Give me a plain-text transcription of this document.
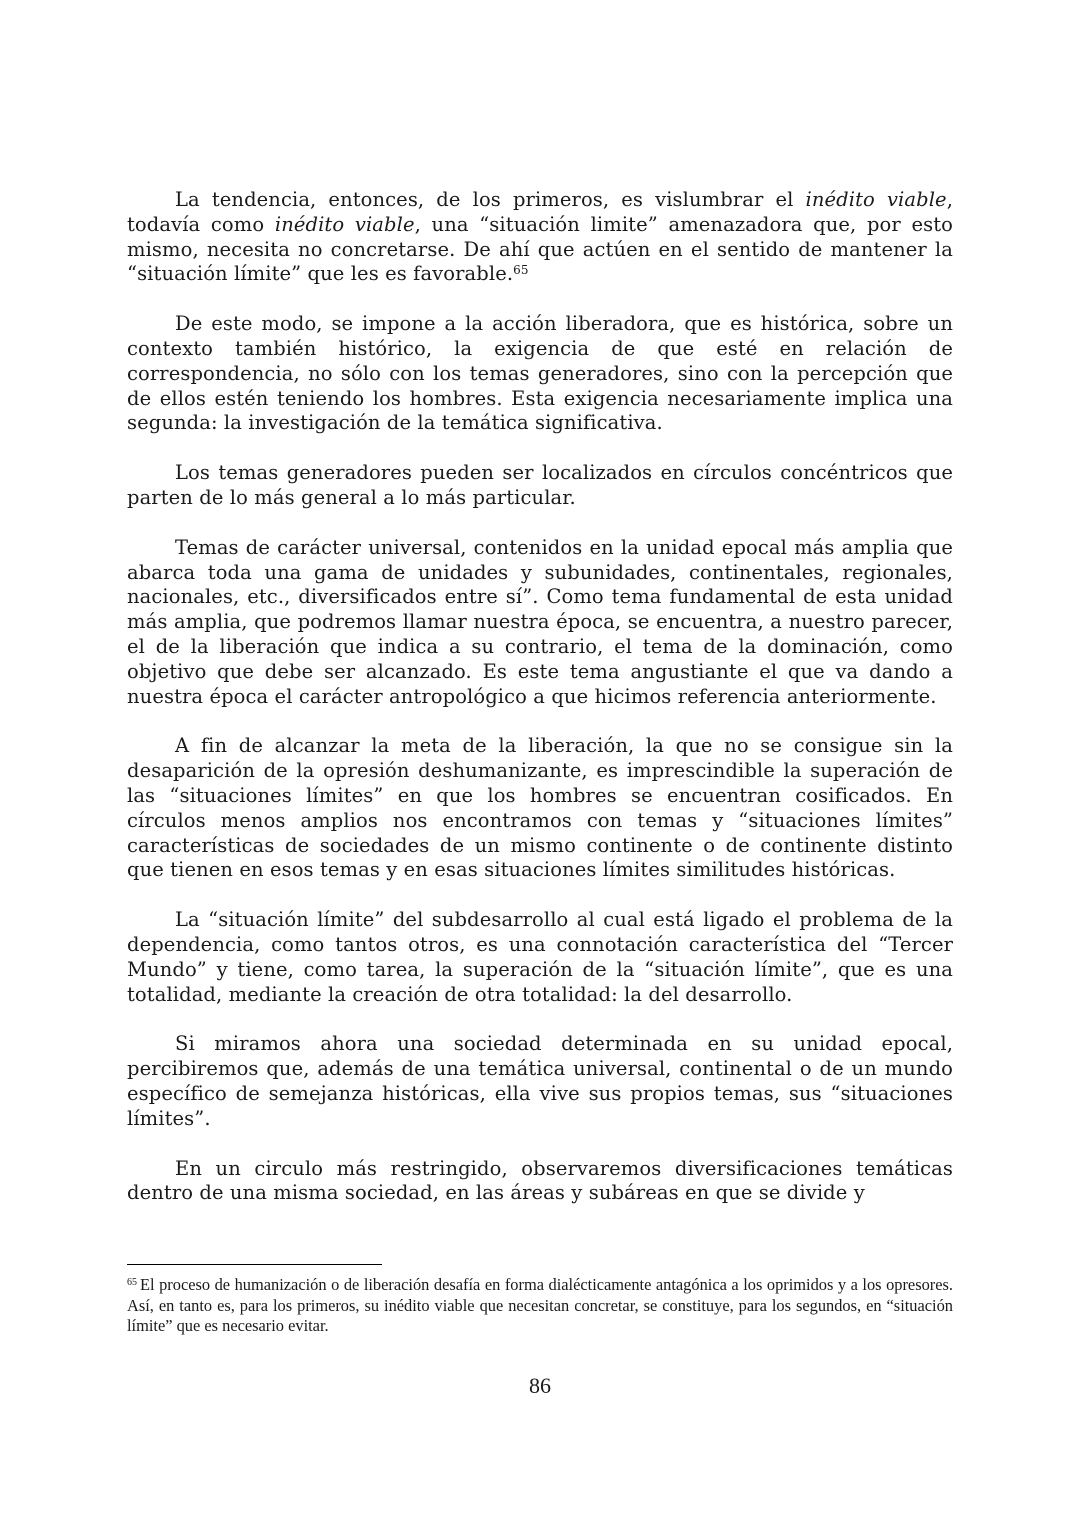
La tendencia, entonces, de los primeros, es vislumbrar el inédito viable, todavía como inédito viable, una “situación limite” amenazadora que, por esto mismo, necesita no concretarse. De ahí que actúen en el sentido de mantener la “situación límite” que les es favorable.$^{65}$

De este modo, se impone a la acción liberadora, que es histórica, sobre un contexto también histórico, la exigencia de que esté en relación de correspondencia, no sólo con los temas generadores, sino con la percepción que de ellos estén teniendo los hombres. Esta exigencia necesariamente implica una segunda: la investigación de la temática significativa.

Los temas generadores pueden ser localizados en círculos concéntricos que parten de lo más general a lo más particular.

Temas de carácter universal, contenidos en la unidad epocal más amplia que abarca toda una gama de unidades y subunidades, continentales, regionales, nacionales, etc., diversificados entre sí”. Como tema fundamental de esta unidad más amplia, que podremos llamar nuestra época, se encuentra, a nuestro parecer, el de la liberación que indica a su contrario, el tema de la dominación, como objetivo que debe ser alcanzado. Es este tema angustiante el que va dando a nuestra época el carácter antropológico a que hicimos referencia anteriormente.

A fin de alcanzar la meta de la liberación, la que no se consigue sin la desaparición de la opresión deshumanizante, es imprescindible la superación de las “situaciones límites” en que los hombres se encuentran cosificados. En círculos menos amplios nos encontramos con temas y “situaciones límites” características de sociedades de un mismo continente o de continente distinto que tienen en esos temas y en esas situaciones límites similitudes históricas.

La “situación límite” del subdesarrollo al cual está ligado el problema de la dependencia, como tantos otros, es una connotación característica del “Tercer Mundo” y tiene, como tarea, la superación de la “situación límite”, que es una totalidad, mediante la creación de otra totalidad: la del desarrollo.

Si miramos ahora una sociedad determinada en su unidad epocal, percibiremos que, además de una temática universal, continental o de un mundo específico de semejanza históricas, ella vive sus propios temas, sus “situaciones límites”.

En un circulo más restringido, observaremos diversificaciones temáticas dentro de una misma sociedad, en las áreas y subáreas en que se divide y

$^{65}$ El proceso de humanización o de liberación desafía en forma dialécticamente antagónica a los oprimidos y a los opresores. Así, en tanto es, para los primeros, su inédito viable que necesitan concretar, se constituye, para los segundos, en “situación límite” que es necesario evitar.

86
